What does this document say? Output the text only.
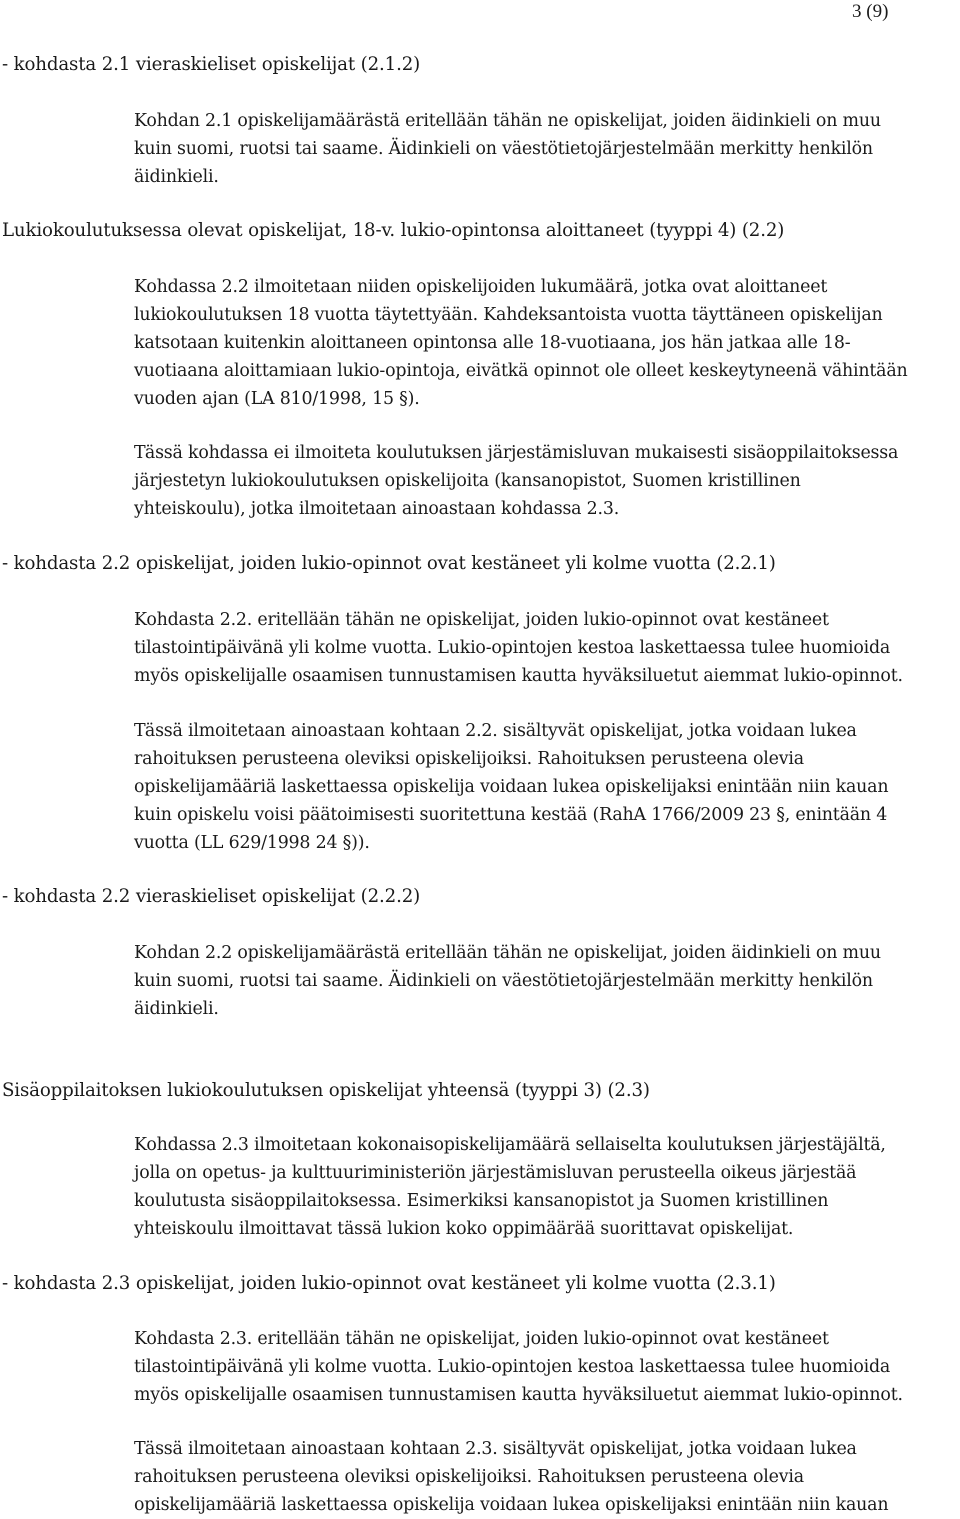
3 (9)
- kohdasta 2.1 vieraskieliset opiskelijat (2.1.2)
Kohdan 2.1 opiskelijamäärästä eritellään tähän ne opiskelijat, joiden äidinkieli on muu
kuin suomi, ruotsi tai saame. Äidinkieli on väestötietojärjestelmään merkitty henkilön
äidinkieli.
Lukiokoulutuksessa olevat opiskelijat, 18-v. lukio-opintonsa aloittaneet (tyyppi 4) (2.2)
Kohdassa 2.2 ilmoitetaan niiden opiskelijoiden lukumäärä, jotka ovat aloittaneet
lukiokoulutuksen 18 vuotta täytettyään. Kahdeksantoista vuotta täyttäneen opiskelijan
katsotaan kuitenkin aloittaneen opintonsa alle 18-vuotiaana, jos hän jatkaa alle 18-
vuotiaana aloittamiaan lukio-opintoja, eivätkä opinnot ole olleet keskeytyneenä vähintään
vuoden ajan (LA 810/1998, 15 §).
Tässä kohdassa ei ilmoiteta koulutuksen järjestämisluvan mukaisesti sisäoppilaitoksessa
järjestetyn lukiokoulutuksen opiskelijoita (kansanopistot, Suomen kristillinen
yhteiskoulu), jotka ilmoitetaan ainoastaan kohdassa 2.3.
- kohdasta 2.2 opiskelijat, joiden lukio-opinnot ovat kestäneet yli kolme vuotta (2.2.1)
Kohdasta 2.2. eritellään tähän ne opiskelijat, joiden lukio-opinnot ovat kestäneet
tilastointipäivänä yli kolme vuotta. Lukio-opintojen kestoa laskettaessa tulee huomioida
myös opiskelijalle osaamisen tunnustamisen kautta hyväksiluetut aiemmat lukio-opinnot.
Tässä ilmoitetaan ainoastaan kohtaan 2.2. sisältyvät opiskelijat, jotka voidaan lukea
rahoituksen perusteena oleviksi opiskelijoiksi. Rahoituksen perusteena olevia
opiskelijamääriä laskettaessa opiskelija voidaan lukea opiskelijaksi enintään niin kauan
kuin opiskelu voisi päätoimisesti suoritettuna kestää (RahA 1766/2009 23 §, enintään 4
vuotta (LL 629/1998 24 §)).
- kohdasta 2.2 vieraskieliset opiskelijat (2.2.2)
Kohdan 2.2 opiskelijamäärästä eritellään tähän ne opiskelijat, joiden äidinkieli on muu
kuin suomi, ruotsi tai saame. Äidinkieli on väestötietojärjestelmään merkitty henkilön
äidinkieli.
Sisäoppilaitoksen lukiokoulutuksen opiskelijat yhteensä (tyyppi 3) (2.3)
Kohdassa 2.3 ilmoitetaan kokonaisopiskelijamäärä sellaiselta koulutuksen järjestäjältä,
jolla on opetus- ja kulttuuriministeriön järjestämisluvan perusteella oikeus järjestää
koulutusta sisäoppilaitoksessa. Esimerkiksi kansanopistot ja Suomen kristillinen
yhteiskoulu ilmoittavat tässä lukion koko oppimäärää suorittavat opiskelijat.
- kohdasta 2.3 opiskelijat, joiden lukio-opinnot ovat kestäneet yli kolme vuotta (2.3.1)
Kohdasta 2.3. eritellään tähän ne opiskelijat, joiden lukio-opinnot ovat kestäneet
tilastointipäivänä yli kolme vuotta. Lukio-opintojen kestoa laskettaessa tulee huomioida
myös opiskelijalle osaamisen tunnustamisen kautta hyväksiluetut aiemmat lukio-opinnot.
Tässä ilmoitetaan ainoastaan kohtaan 2.3. sisältyvät opiskelijat, jotka voidaan lukea
rahoituksen perusteena oleviksi opiskelijoiksi. Rahoituksen perusteena olevia
opiskelijamääriä laskettaessa opiskelija voidaan lukea opiskelijaksi enintään niin kauan
